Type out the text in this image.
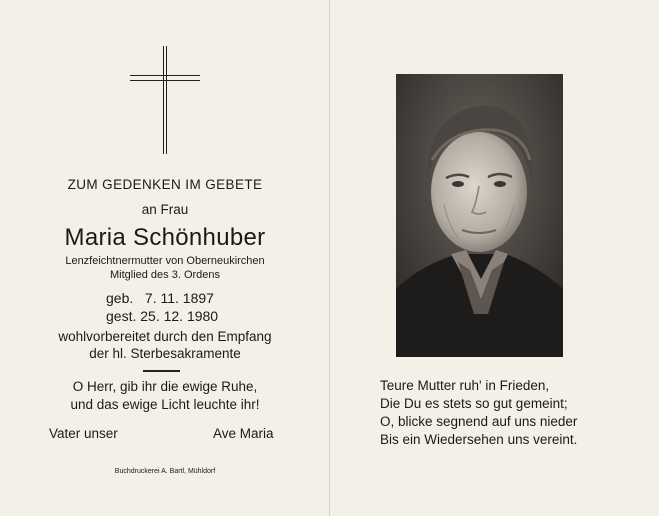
ZUM GEDENKEN IM GEBETE
an Frau
Maria Schönhuber
Lenzfeichtnermutter von Oberneukirchen
Mitglied des 3. Ordens
geb.   7. 11. 1897
gest. 25. 12. 1980
wohlvorbereitet durch den Empfang
der hl. Sterbesakramente
O Herr, gib ihr die ewige Ruhe,
und das ewige Licht leuchte ihr!
Vater unser	Ave Maria
Buchdruckerei A. Bartl, Mühldorf
Teure Mutter ruh' in Frieden,
Die Du es stets so gut gemeint;
O, blicke segnend auf uns nieder
Bis ein Wiedersehen uns vereint.
